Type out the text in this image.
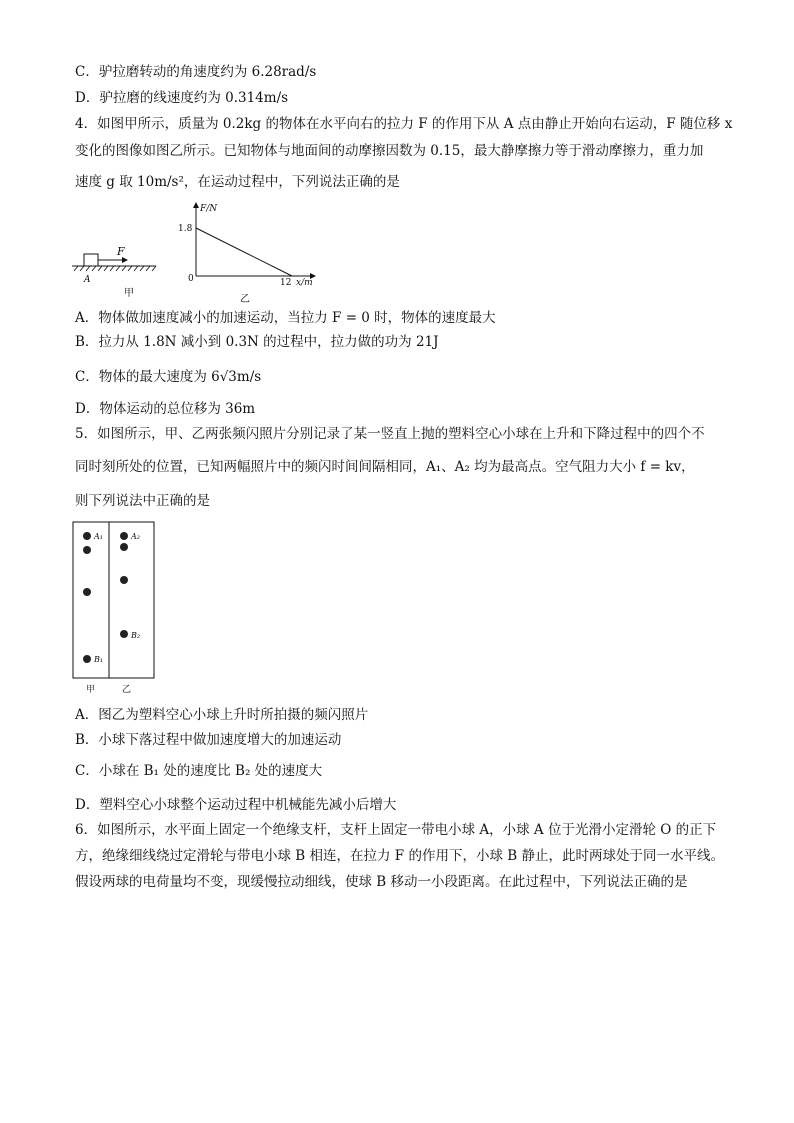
C．驴拉磨转动的角速度约为 6.28rad/s
D．驴拉磨的线速度约为 0.314m/s
4．如图甲所示，质量为 0.2kg 的物体在水平向右的拉力 F 的作用下从 A 点由静止开始向右运动，F 随位移 x
变化的图像如图乙所示。已知物体与地面间的动摩擦因数为 0.15，最大静摩擦力等于滑动摩擦力，重力加
速度 g 取 10m/s²，在运动过程中，下列说法正确的是
F
A
甲
F/N
1.8
0	12 x/m
乙
A．物体做加速度减小的加速运动，当拉力 F = 0 时，物体的速度最大
B．拉力从 1.8N 减小到 0.3N 的过程中，拉力做的功为 21J
C．物体的最大速度为 6√3m/s
D．物体运动的总位移为 36m
5．如图所示，甲、乙两张频闪照片分别记录了某一竖直上抛的塑料空心小球在上升和下降过程中的四个不
同时刻所处的位置，已知两幅照片中的频闪时间间隔相同，A₁、A₂ 均为最高点。空气阻力大小 f = kv，
则下列说法中正确的是
A₁
B₁
A₂
B₂
甲	乙
A．图乙为塑料空心小球上升时所拍摄的频闪照片
B．小球下落过程中做加速度增大的加速运动
C．小球在 B₁ 处的速度比 B₂ 处的速度大
D．塑料空心小球整个运动过程中机械能先减小后增大
6．如图所示，水平面上固定一个绝缘支杆，支杆上固定一带电小球 A，小球 A 位于光滑小定滑轮 O 的正下
方，绝缘细线绕过定滑轮与带电小球 B 相连，在拉力 F 的作用下，小球 B 静止，此时两球处于同一水平线。
假设两球的电荷量均不变，现缓慢拉动细线，使球 B 移动一小段距离。在此过程中，下列说法正确的是
